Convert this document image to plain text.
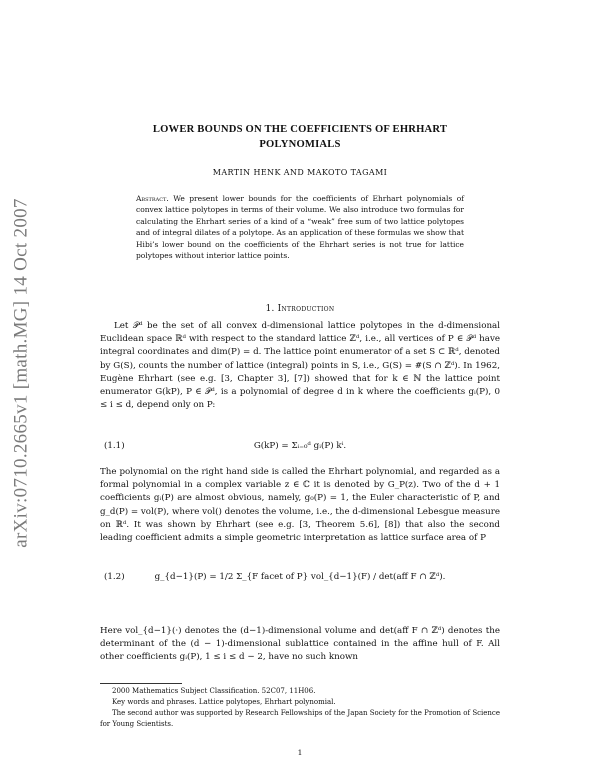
arXiv:0710.2665v1 [math.MG] 14 Oct 2007
LOWER BOUNDS ON THE COEFFICIENTS OF EHRHART
POLYNOMIALS
MARTIN HENK AND MAKOTO TAGAMI
Abstract. We present lower bounds for the coefficients of Ehrhart polynomials of convex lattice polytopes in terms of their volume. We also introduce two formulas for calculating the Ehrhart series of a kind of a “weak” free sum of two lattice polytopes and of integral dilates of a polytope. As an application of these formulas we show that Hibi’s lower bound on the coefficients of the Ehrhart series is not true for lattice polytopes without interior lattice points.
1. Introduction

Let 𝒫ᵈ be the set of all convex d-dimensional lattice polytopes in the d-dimensional Euclidean space ℝᵈ with respect to the standard lattice ℤᵈ, i.e., all vertices of P ∈ 𝒫ᵈ have integral coordinates and dim(P) = d. The lattice point enumerator of a set S ⊂ ℝᵈ, denoted by G(S), counts the number of lattice (integral) points in S, i.e., G(S) = #(S ∩ ℤᵈ). In 1962, Eugène Ehrhart (see e.g. [3, Chapter 3], [7]) showed that for k ∈ ℕ the lattice point enumerator G(kP), P ∈ 𝒫ᵈ, is a polynomial of degree d in k where the coefficients gᵢ(P), 0 ≤ i ≤ d, depend only on P:

(1.1)	G(kP) = Σᵢ₌₀ᵈ gᵢ(P) kⁱ.

The polynomial on the right hand side is called the Ehrhart polynomial, and regarded as a formal polynomial in a complex variable z ∈ ℂ it is denoted by G_P(z). Two of the d + 1 coefficients gᵢ(P) are almost obvious, namely, g₀(P) = 1, the Euler characteristic of P, and g_d(P) = vol(P), where vol() denotes the volume, i.e., the d-dimensional Lebesgue measure on ℝᵈ. It was shown by Ehrhart (see e.g. [3, Theorem 5.6], [8]) that also the second leading coefficient admits a simple geometric interpretation as lattice surface area of P

(1.2)	g_{d−1}(P) = 1/2 Σ_{F facet of P} vol_{d−1}(F) / det(aff F ∩ ℤᵈ).

Here vol_{d−1}(·) denotes the (d−1)-dimensional volume and det(aff F ∩ ℤᵈ) denotes the determinant of the (d − 1)-dimensional sublattice contained in the affine hull of F. All other coefficients gᵢ(P), 1 ≤ i ≤ d − 2, have no such known

2000 Mathematics Subject Classification. 52C07, 11H06.
Key words and phrases. Lattice polytopes, Ehrhart polynomial.
The second author was supported by Research Fellowships of the Japan Society for the Promotion of Science for Young Scientists.
1
